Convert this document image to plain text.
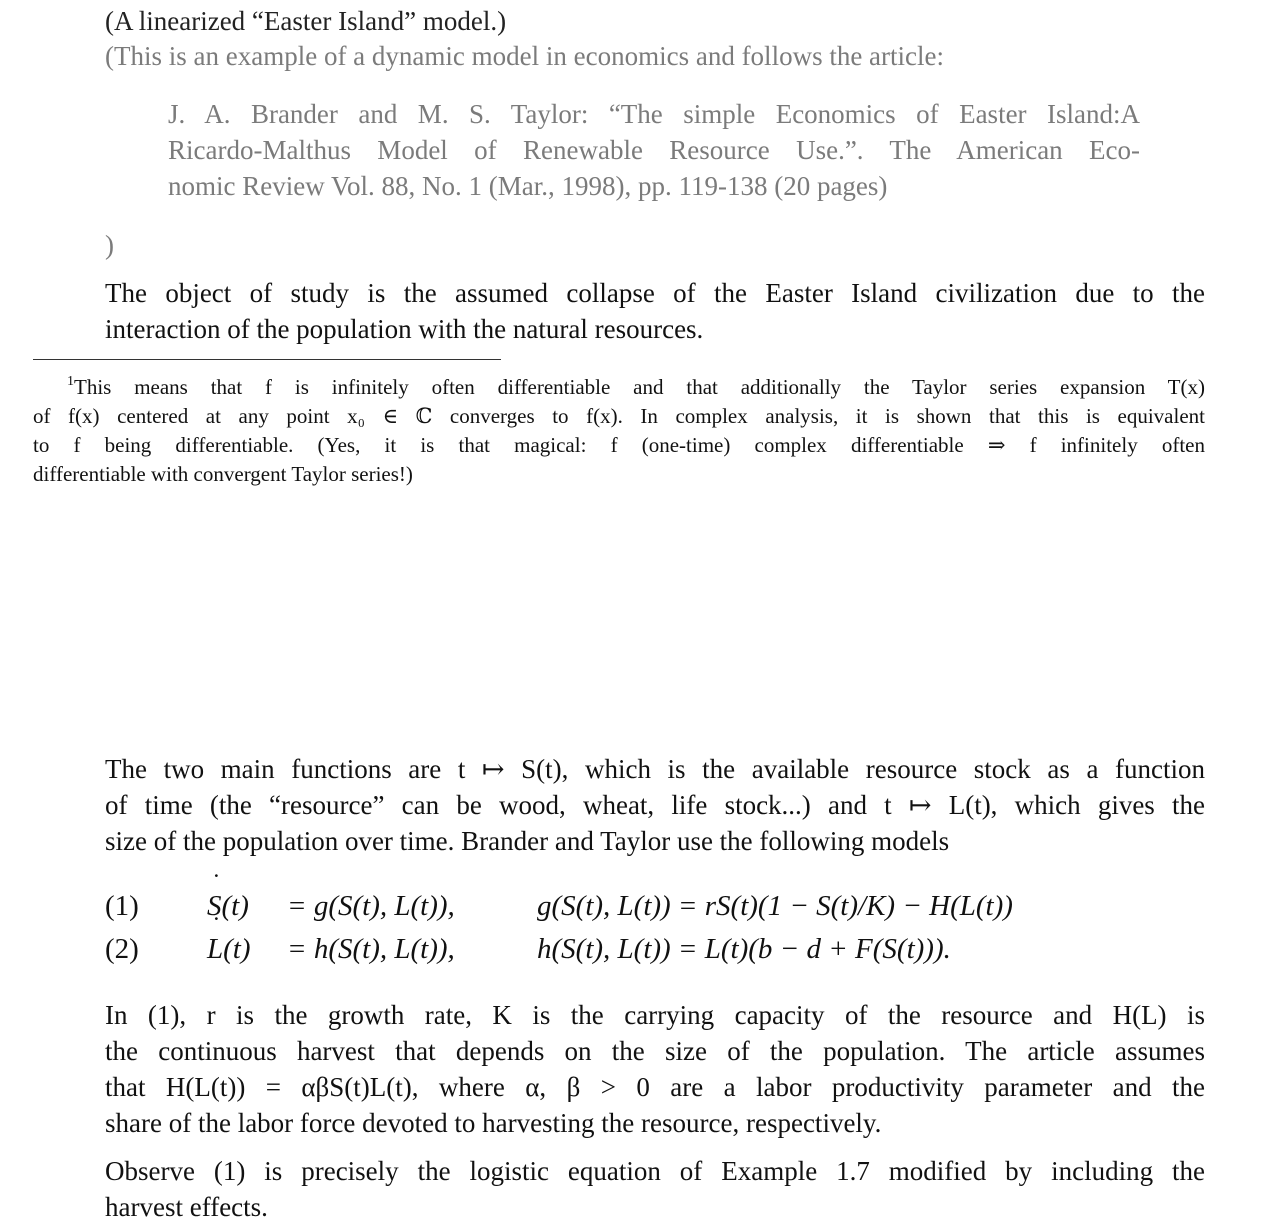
(A linearized “Easter Island” model.)
(This is an example of a dynamic model in economics and follows the article:
J. A. Brander and M. S. Taylor: “The simple Economics of Easter Island:A
Ricardo-Malthus Model of Renewable Resource Use.”. The American Eco-
nomic Review Vol. 88, No. 1 (Mar., 1998), pp. 119-138 (20 pages)
)
The object of study is the assumed collapse of the Easter Island civilization due to the
interaction of the population with the natural resources.
$^1$This means that f is infinitely often differentiable and that additionally the Taylor series expansion T(x)
of f(x) centered at any point x₀ ∈ ℂ converges to f(x). In complex analysis, it is shown that this is equivalent
to f being differentiable. (Yes, it is that magical: f (one-time) complex differentiable ⇒ f infinitely often
differentiable with convergent Taylor series!)
The two main functions are t ↦ S(t), which is the available resource stock as a function
of time (the “resource” can be wood, wheat, life stock...) and t ↦ L(t), which gives the
size of the population over time. Brander and Taylor use the following models
(1) ˙ S(t) = g(S(t), L(t)),	g(S(t), L(t)) = rS(t)(1 − S(t)/K) − H(L(t))
(2) ˙ L(t) = h(S(t), L(t)),	h(S(t), L(t)) = L(t)(b − d + F(S(t))).
In (1), r is the growth rate, K is the carrying capacity of the resource and H(L) is
the continuous harvest that depends on the size of the population. The article assumes
that H(L(t)) = αβS(t)L(t), where α, β > 0 are a labor productivity parameter and the
share of the labor force devoted to harvesting the resource, respectively.
Observe (1) is precisely the logistic equation of Example 1.7 modified by including the
harvest effects.
